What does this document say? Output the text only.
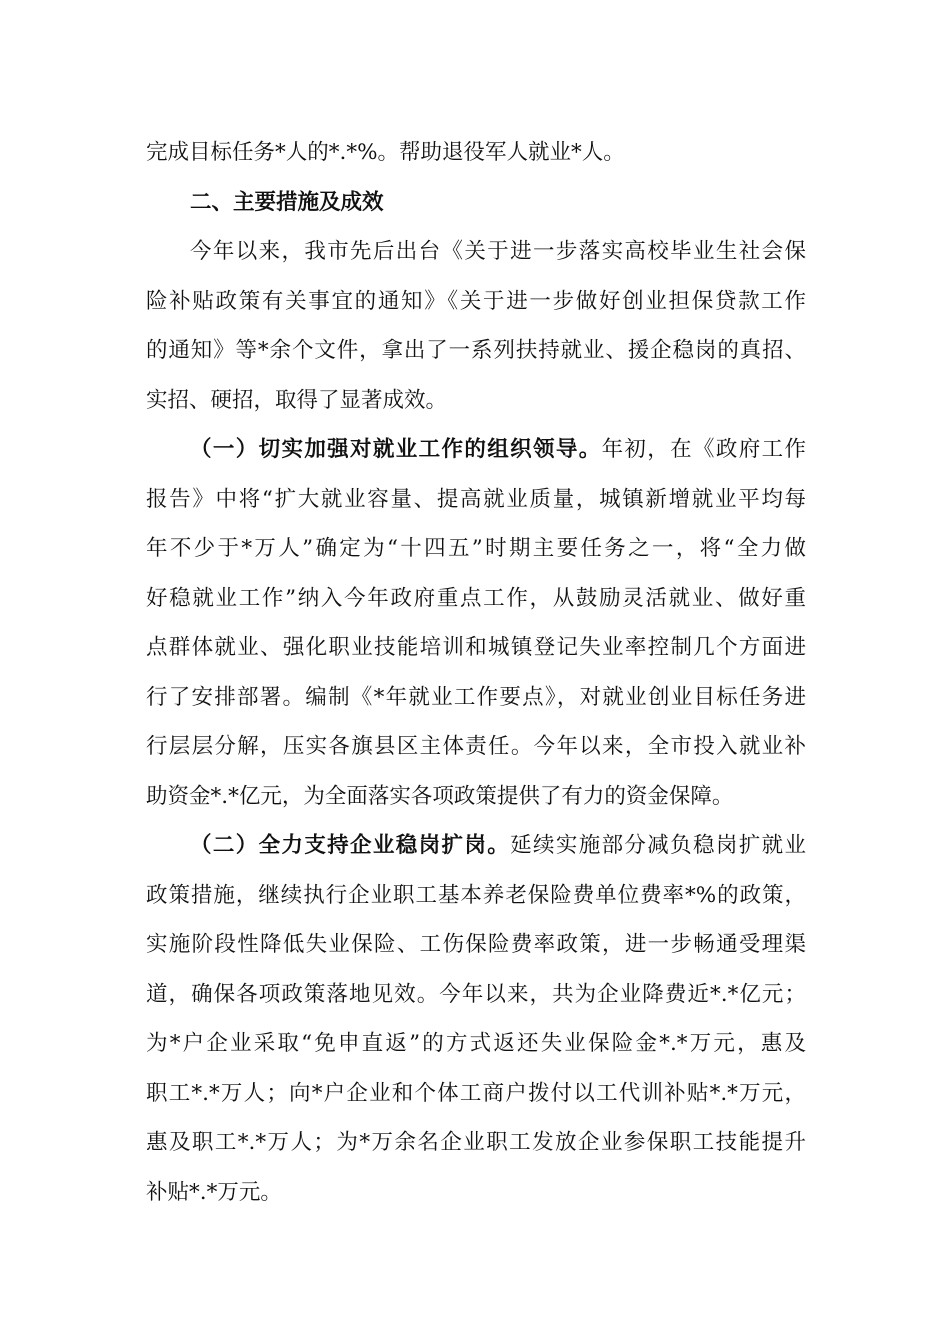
完成目标任务*人的*.*%。帮助退役军人就业*人。
二、主要措施及成效
今年以来，我市先后出台《关于进一步落实高校毕业生社会保
险补贴政策有关事宜的通知》《关于进一步做好创业担保贷款工作
的通知》等*余个文件，拿出了一系列扶持就业、援企稳岗的真招、
实招、硬招，取得了显著成效。
（一）切实加强对就业工作的组织领导。年初，在《政府工作
报告》中将“扩大就业容量、提高就业质量，城镇新增就业平均每
年不少于*万人”确定为“十四五”时期主要任务之一，将“全力做
好稳就业工作”纳入今年政府重点工作，从鼓励灵活就业、做好重
点群体就业、强化职业技能培训和城镇登记失业率控制几个方面进
行了安排部署。编制《*年就业工作要点》，对就业创业目标任务进
行层层分解，压实各旗县区主体责任。今年以来，全市投入就业补
助资金*.*亿元，为全面落实各项政策提供了有力的资金保障。
（二）全力支持企业稳岗扩岗。延续实施部分减负稳岗扩就业
政策措施，继续执行企业职工基本养老保险费单位费率*%的政策，
实施阶段性降低失业保险、工伤保险费率政策，进一步畅通受理渠
道，确保各项政策落地见效。今年以来，共为企业降费近*.*亿元；
为*户企业采取“免申直返”的方式返还失业保险金*.*万元，惠及
职工*.*万人；向*户企业和个体工商户拨付以工代训补贴*.*万元，
惠及职工*.*万人；为*万余名企业职工发放企业参保职工技能提升
补贴*.*万元。
